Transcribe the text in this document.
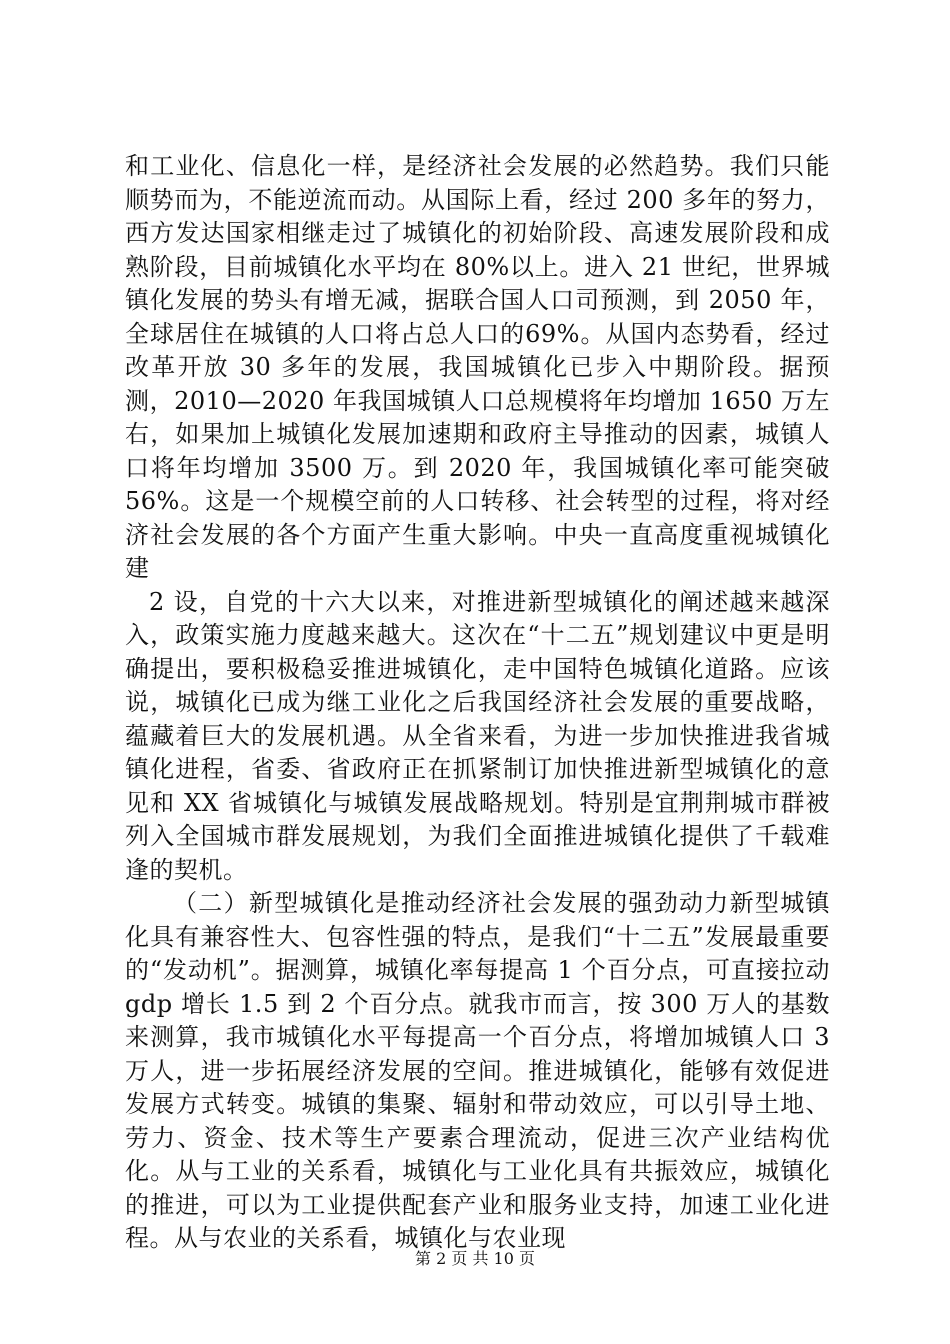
和工业化、信息化一样，是经济社会发展的必然趋势。我们只能顺势而为，不能逆流而动。从国际上看，经过 200 多年的努力，西方发达国家相继走过了城镇化的初始阶段、高速发展阶段和成熟阶段，目前城镇化水平均在 80%以上。进入 21 世纪，世界城镇化发展的势头有增无减，据联合国人口司预测，到 2050 年，全球居住在城镇的人口将占总人口的69%。从国内态势看，经过改革开放 30 多年的发展，我国城镇化已步入中期阶段。据预测，2010—2020 年我国城镇人口总规模将年均增加 1650 万左右，如果加上城镇化发展加速期和政府主导推动的因素，城镇人口将年均增加 3500 万。到 2020 年，我国城镇化率可能突破 56%。这是一个规模空前的人口转移、社会转型的过程，将对经济社会发展的各个方面产生重大影响。中央一直高度重视城镇化建

2 设，自党的十六大以来，对推进新型城镇化的阐述越来越深入，政策实施力度越来越大。这次在“十二五”规划建议中更是明确提出，要积极稳妥推进城镇化，走中国特色城镇化道路。应该说，城镇化已成为继工业化之后我国经济社会发展的重要战略，蕴藏着巨大的发展机遇。从全省来看，为进一步加快推进我省城镇化进程，省委、省政府正在抓紧制订加快推进新型城镇化的意见和 XX 省城镇化与城镇发展战略规划。特别是宜荆荆城市群被列入全国城市群发展规划，为我们全面推进城镇化提供了千载难逢的契机。

（二）新型城镇化是推动经济社会发展的强劲动力新型城镇化具有兼容性大、包容性强的特点，是我们“十二五”发展最重要的“发动机”。据测算，城镇化率每提高 1 个百分点，可直接拉动 gdp 增长 1.5 到 2 个百分点。就我市而言，按 300 万人的基数来测算，我市城镇化水平每提高一个百分点，将增加城镇人口 3 万人，进一步拓展经济发展的空间。推进城镇化，能够有效促进发展方式转变。城镇的集聚、辐射和带动效应，可以引导土地、劳力、资金、技术等生产要素合理流动，促进三次产业结构优化。从与工业的关系看，城镇化与工业化具有共振效应，城镇化的推进，可以为工业提供配套产业和服务业支持，加速工业化进程。从与农业的关系看，城镇化与农业现

第 2 页 共 10 页
